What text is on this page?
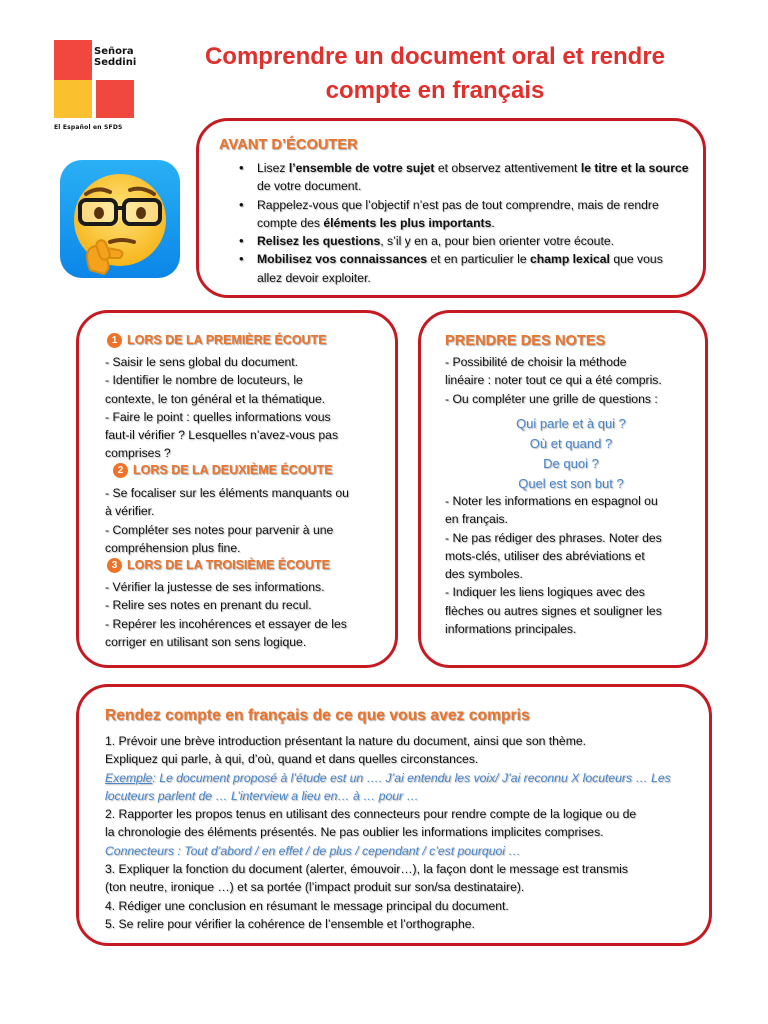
Señora
Seddini
El Español en SFDS
Comprendre un document oral et rendre
compte en français
AVANT D’ÉCOUTER
• Lisez l’ensemble de votre sujet et observez attentivement le titre et la source de votre document.
• Rappelez-vous que l’objectif n’est pas de tout comprendre, mais de rendre compte des éléments les plus importants.
• Relisez les questions, s’il y en a, pour bien orienter votre écoute.
• Mobilisez vos connaissances et en particulier le champ lexical que vous allez devoir exploiter.
1 LORS DE LA PREMIÈRE ÉCOUTE
- Saisir le sens global du document.
- Identifier le nombre de locuteurs, le
contexte, le ton général et la thématique.
- Faire le point : quelles informations vous
faut-il vérifier ? Lesquelles n’avez-vous pas
comprises ?
2 LORS DE LA DEUXIÈME ÉCOUTE
- Se focaliser sur les éléments manquants ou
à vérifier.
- Compléter ses notes pour parvenir à une
compréhension plus fine.
3 LORS DE LA TROISIÈME ÉCOUTE
- Vérifier la justesse de ses informations.
- Relire ses notes en prenant du recul.
- Repérer les incohérences et essayer de les
corriger en utilisant son sens logique.
PRENDRE DES NOTES
- Possibilité de choisir la méthode
linéaire : noter tout ce qui a été compris.
- Ou compléter une grille de questions :
Qui parle et à qui ?
Où et quand ?
De quoi ?
Quel est son but ?
- Noter les informations en espagnol ou
en français.
- Ne pas rédiger des phrases. Noter des
mots-clés, utiliser des abréviations et
des symboles.
- Indiquer les liens logiques avec des
flèches ou autres signes et souligner les
informations principales.
Rendez compte en français de ce que vous avez compris
1. Prévoir une brève introduction présentant la nature du document, ainsi que son thème.
Expliquez qui parle, à qui, d’où, quand et dans quelles circonstances.
Exemple: Le document proposé à l’étude est un …. J’ai entendu les voix/ J’ai reconnu X locuteurs … Les
locuteurs parlent de … L’interview a lieu en… à … pour …
2. Rapporter les propos tenus en utilisant des connecteurs pour rendre compte de la logique ou de
la chronologie des éléments présentés. Ne pas oublier les informations implicites comprises.
Connecteurs : Tout d’abord / en effet / de plus / cependant / c’est pourquoi …
3. Expliquer la fonction du document (alerter, émouvoir…), la façon dont le message est transmis
(ton neutre, ironique …) et sa portée (l’impact produit sur son/sa destinataire).
4. Rédiger une conclusion en résumant le message principal du document.
5. Se relire pour vérifier la cohérence de l’ensemble et l’orthographe.
